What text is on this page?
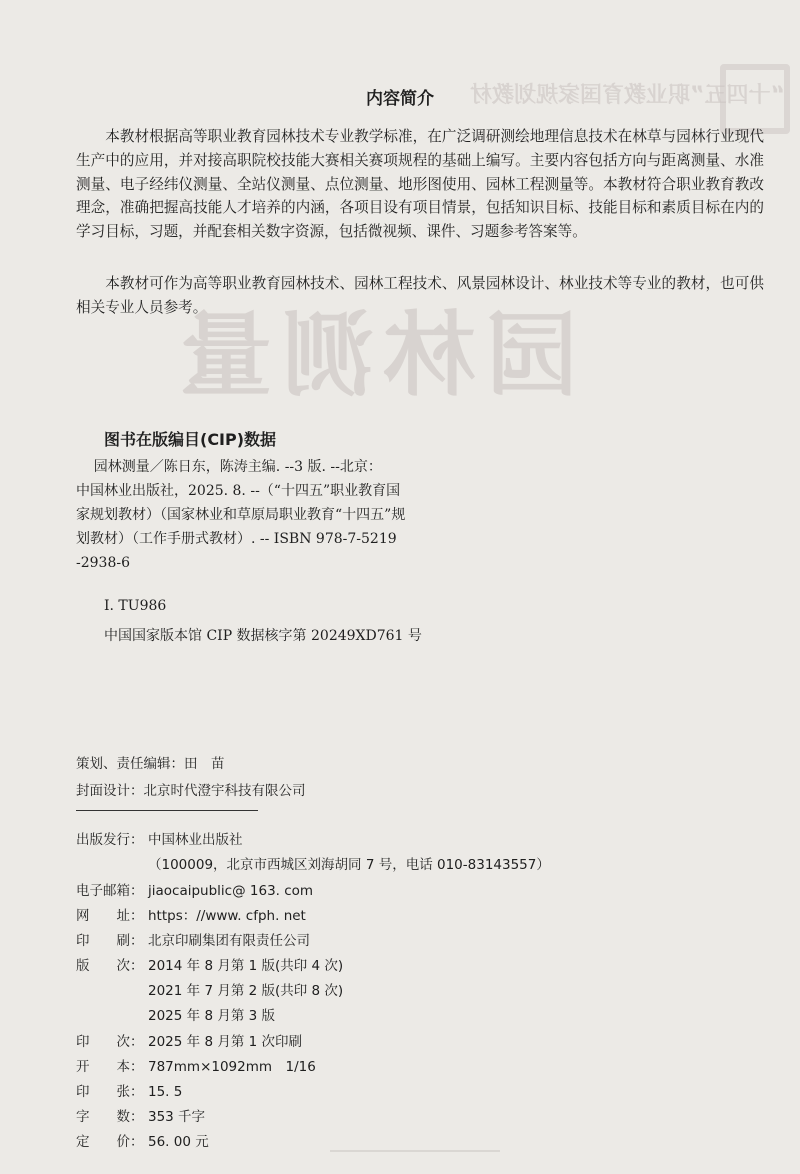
园林测量
“十四五”职业教育国家规划教材
内容简介

本教材根据高等职业教育园林技术专业教学标准，在广泛调研测绘地理信息技术在林草与园林行业现代生产中的应用，并对接高职院校技能大赛相关赛项规程的基础上编写。主要内容包括方向与距离测量、水准测量、电子经纬仪测量、全站仪测量、点位测量、地形图使用、园林工程测量等。本教材符合职业教育教改理念，准确把握高技能人才培养的内涵，各项目设有项目情景，包括知识目标、技能目标和素质目标在内的学习目标，习题，并配套相关数字资源，包括微视频、课件、习题参考答案等。

本教材可作为高等职业教育园林技术、园林工程技术、风景园林设计、林业技术等专业的教材，也可供相关专业人员参考。

图书在版编目(CIP)数据
园林测量／陈日东，陈涛主编. --3 版. --北京：
中国林业出版社，2025. 8. --（“十四五”职业教育国
家规划教材）（国家林业和草原局职业教育“十四五”规
划教材）（工作手册式教材）. -- ISBN 978-7-5219
-2938-6
Ⅰ. TU986
中国国家版本馆 CIP 数据核字第 20249XD761 号
策划、责任编辑：田　苗
封面设计：北京时代澄宇科技有限公司
出版发行： 中国林业出版社
（100009，北京市西城区刘海胡同 7 号，电话 010-83143557）
电子邮箱： jiaocaipublic@ 163. com
网　　址： https：//www. cfph. net
印　　刷： 北京印刷集团有限责任公司
版　　次： 2014 年 8 月第 1 版(共印 4 次)
2021 年 7 月第 2 版(共印 8 次)
2025 年 8 月第 3 版
印　　次： 2025 年 8 月第 1 次印刷
开　　本： 787mm×1092mm　1/16
印　　张： 15. 5
字　　数： 353 千字
定　　价： 56. 00 元
